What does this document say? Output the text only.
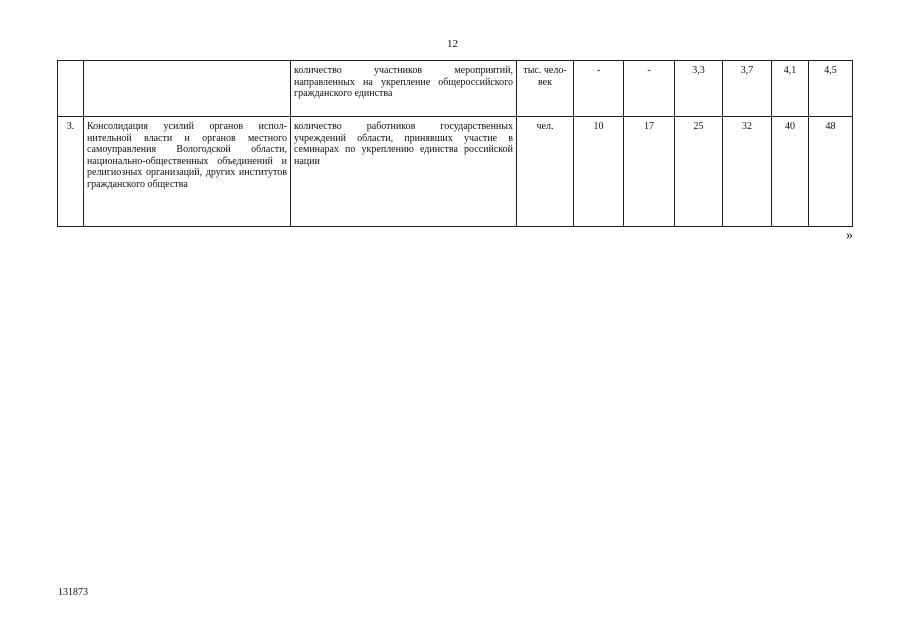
12
		количество участников мероприятий, направленных на укрепление общероссийского гражданского единства	тыс. человек	-	-	3,3	3,7	4,1	4,5
3.	Консолидация усилий органов исполнительной власти и органов местного самоуправления Вологодской области, национально-общественных объединений и религиозных организаций, других институтов гражданского общества	количество работников государственных учреждений области, принявших участие в семинарах по укреплению единства российской нации	чел.	10	17	25	32	40	48
»
131873
